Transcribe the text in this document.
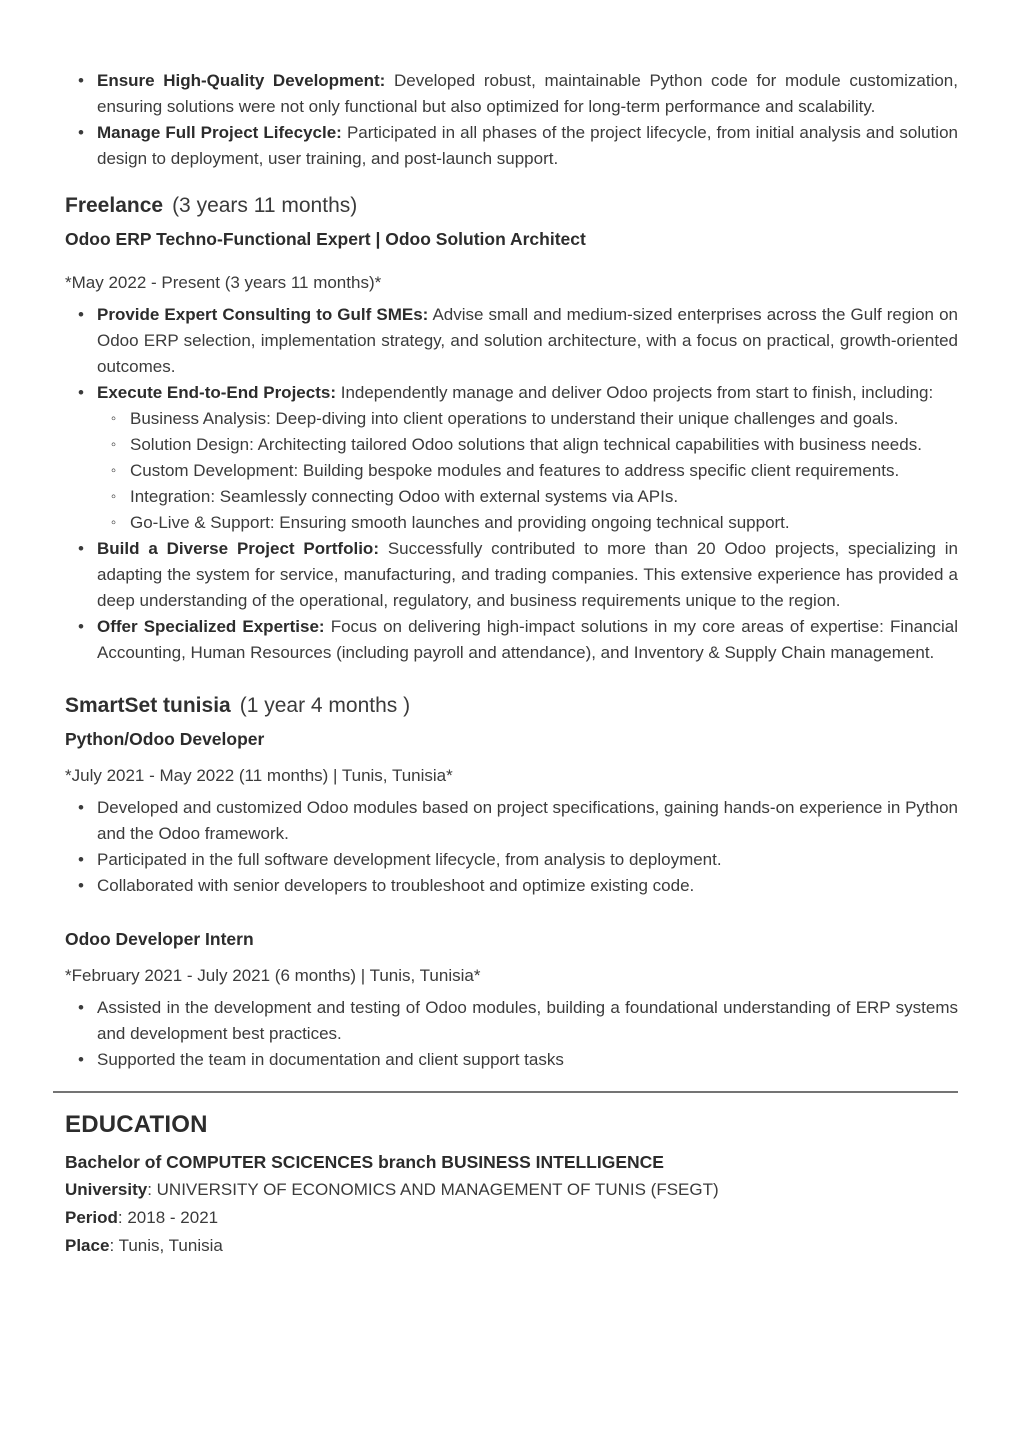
• Ensure High-Quality Development: Developed robust, maintainable Python code for module customization, ensuring solutions were not only functional but also optimized for long-term performance and scalability.
• Manage Full Project Lifecycle: Participated in all phases of the project lifecycle, from initial analysis and solution design to deployment, user training, and post-launch support.
Freelance (3 years 11 months)
Odoo ERP Techno-Functional Expert | Odoo Solution Architect

*May 2022 - Present (3 years 11 months)*

• Provide Expert Consulting to Gulf SMEs: Advise small and medium-sized enterprises across the Gulf region on Odoo ERP selection, implementation strategy, and solution architecture, with a focus on practical, growth-oriented outcomes.
• Execute End-to-End Projects: Independently manage and deliver Odoo projects from start to finish, including:
◦ Business Analysis: Deep-diving into client operations to understand their unique challenges and goals.
◦ Solution Design: Architecting tailored Odoo solutions that align technical capabilities with business needs.
◦ Custom Development: Building bespoke modules and features to address specific client requirements.
◦ Integration: Seamlessly connecting Odoo with external systems via APIs.
◦ Go-Live & Support: Ensuring smooth launches and providing ongoing technical support.
• Build a Diverse Project Portfolio: Successfully contributed to more than 20 Odoo projects, specializing in adapting the system for service, manufacturing, and trading companies. This extensive experience has provided a deep understanding of the operational, regulatory, and business requirements unique to the region.
• Offer Specialized Expertise: Focus on delivering high-impact solutions in my core areas of expertise: Financial Accounting, Human Resources (including payroll and attendance), and Inventory & Supply Chain management.
SmartSet tunisia (1 year 4 months )
Python/Odoo Developer

*July 2021 - May 2022 (11 months) | Tunis, Tunisia*

• Developed and customized Odoo modules based on project specifications, gaining hands-on experience in Python and the Odoo framework.
• Participated in the full software development lifecycle, from analysis to deployment.
• Collaborated with senior developers to troubleshoot and optimize existing code.
Odoo Developer Intern

*February 2021 - July 2021 (6 months) | Tunis, Tunisia*

• Assisted in the development and testing of Odoo modules, building a foundational understanding of ERP systems and development best practices.
• Supported the team in documentation and client support tasks
EDUCATION

Bachelor of COMPUTER SCICENCES branch BUSINESS INTELLIGENCE

University: UNIVERSITY OF ECONOMICS AND MANAGEMENT OF TUNIS (FSEGT)

Period: 2018 - 2021

Place: Tunis, Tunisia
